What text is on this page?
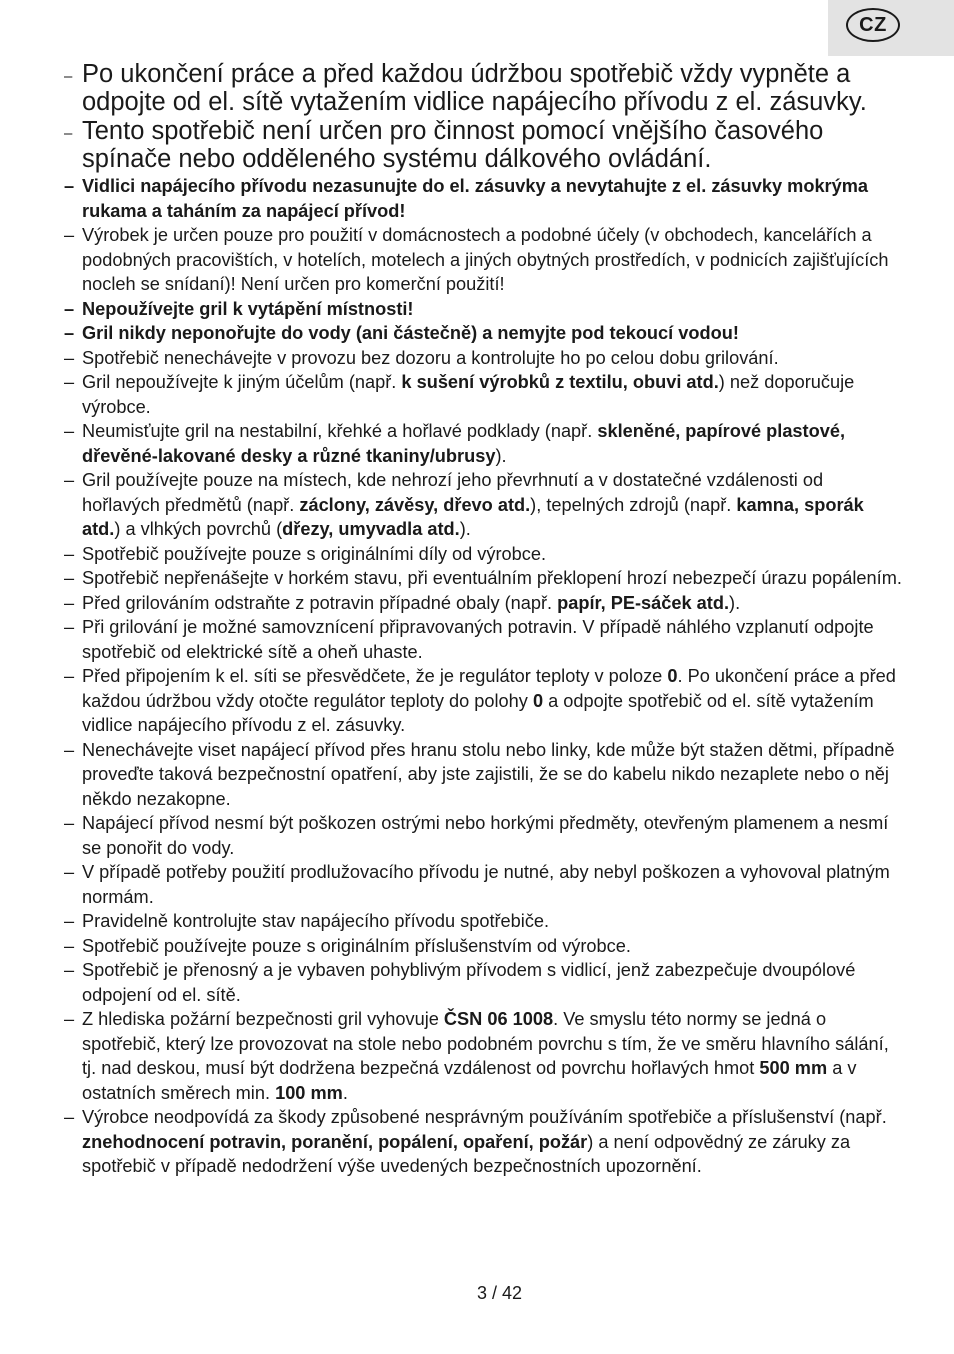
CZ
– Po ukončení práce a před každou údržbou spotřebič vždy vypněte a odpojte od el. sítě vytažením vidlice napájecího přívodu z el. zásuvky.
– Tento spotřebič není určen pro činnost pomocí vnějšího časového spínače nebo odděleného systému dálkového ovládání.
– Vidlici napájecího přívodu nezasunujte do el. zásuvky a nevytahujte z el. zásuvky mokrýma rukama a taháním za napájecí přívod!
– Výrobek je určen pouze pro použití v domácnostech a podobné účely (v obchodech, kancelářích a podobných pracovištích, v hotelích, motelech a jiných obytných prostředích, v podnicích zajišťujících nocleh se snídaní)! Není určen pro komerční použití!
– Nepoužívejte gril k vytápění místnosti!
– Gril nikdy neponořujte do vody (ani částečně) a nemyjte pod tekoucí vodou!
– Spotřebič nenechávejte v provozu bez dozoru a kontrolujte ho po celou dobu grilování.
– Gril nepoužívejte k jiným účelům (např. k sušení výrobků z textilu, obuvi atd.) než doporučuje výrobce.
– Neumisťujte gril na nestabilní, křehké a hořlavé podklady (např. skleněné, papírové plastové, dřevěné-lakované desky a různé tkaniny/ubrusy).
– Gril používejte pouze na místech, kde nehrozí jeho převrhnutí a v dostatečné vzdálenosti od hořlavých předmětů (např. záclony, závěsy, dřevo atd.), tepelných zdrojů (např. kamna, sporák atd.) a vlhkých povrchů (dřezy, umyvadla atd.).
– Spotřebič používejte pouze s originálními díly od výrobce.
– Spotřebič nepřenášejte v horkém stavu, při eventuálním překlopení hrozí nebezpečí úrazu popálením.
– Před grilováním odstraňte z potravin případné obaly (např. papír, PE-sáček atd.).
– Při grilování je možné samovznícení připravovaných potravin. V případě náhlého vzplanutí odpojte spotřebič od elektrické sítě a oheň uhaste.
– Před připojením k el. síti se přesvědčete, že je regulátor teploty v poloze 0. Po ukončení práce a před každou údržbou vždy otočte regulátor teploty do polohy 0 a odpojte spotřebič od el. sítě vytažením vidlice napájecího přívodu z el. zásuvky.
– Nenechávejte viset napájecí přívod přes hranu stolu nebo linky, kde může být stažen dětmi, případně proveďte taková bezpečnostní opatření, aby jste zajistili, že se do kabelu nikdo nezaplete nebo o něj někdo nezakopne.
– Napájecí přívod nesmí být poškozen ostrými nebo horkými předměty, otevřeným plamenem a nesmí se ponořit do vody.
– V případě potřeby použití prodlužovacího přívodu je nutné, aby nebyl poškozen a vyhovoval platným normám.
– Pravidelně kontrolujte stav napájecího přívodu spotřebiče.
– Spotřebič používejte pouze s originálním příslušenstvím od výrobce.
– Spotřebič je přenosný a je vybaven pohyblivým přívodem s vidlicí, jenž zabezpečuje dvoupólové odpojení od el. sítě.
– Z hlediska požární bezpečnosti gril vyhovuje ČSN 06 1008. Ve smyslu této normy se jedná o spotřebič, který lze provozovat na stole nebo podobném povrchu s tím, že ve směru hlavního sálání, tj. nad deskou, musí být dodržena bezpečná vzdálenost od povrchu hořlavých hmot 500 mm a v ostatních směrech min. 100 mm.
– Výrobce neodpovídá za škody způsobené nesprávným používáním spotřebiče a příslušenství (např. znehodnocení potravin, poranění, popálení, opaření, požár) a není odpovědný ze záruky za spotřebič v případě nedodržení výše uvedených bezpečnostních upozornění.
3 / 42
